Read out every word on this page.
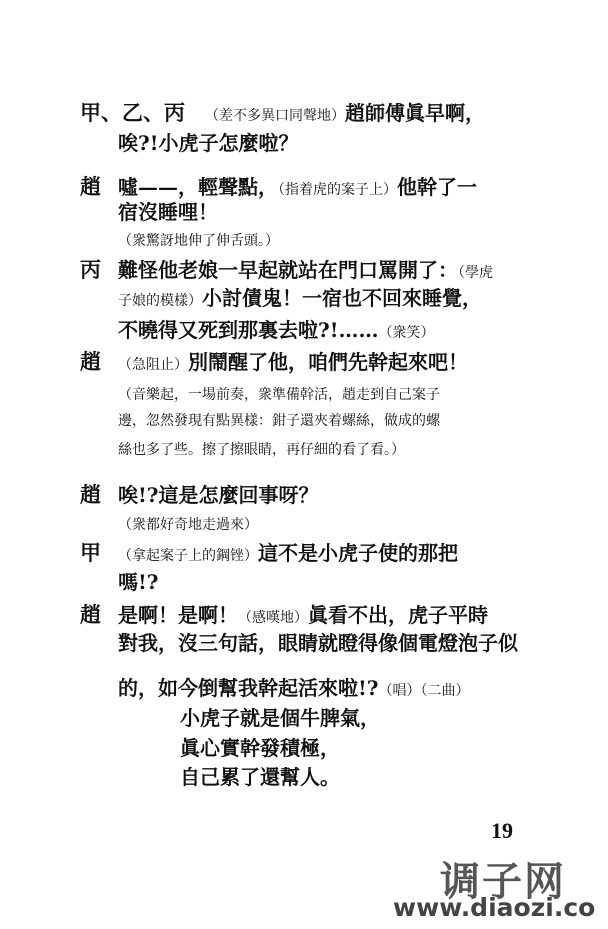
甲、乙、丙 （差不多異口同聲地）趙師傅眞早啊，
唉?!小虎子怎麼啦？
趙 噓——，輕聲點，（指着虎的案子上）他幹了一
宿沒睡哩！
（衆驚訝地伸了伸舌頭。）
丙 難怪他老娘一早起就站在門口罵開了：（學虎
子娘的模樣）小討債鬼！一宿也不回來睡覺，
不曉得又死到那裏去啦?!……（衆笑）
趙 （急阻止）別鬧醒了他，咱們先幹起來吧！
（音樂起，一場前奏，衆準備幹活，趙走到自己案子
邊，忽然發現有點異樣：鉗子還夾着螺絲，做成的螺
絲也多了些。擦了擦眼睛，再仔細的看了看。）
趙 唉!?這是怎麼回事呀？
（衆都好奇地走過來）
甲 （拿起案子上的鋼锉）這不是小虎子使的那把
嗎!?
趙 是啊！是啊！（感嘆地）眞看不出，虎子平時
對我，沒三句話，眼睛就瞪得像個電燈泡子似
的，如今倒幫我幹起活來啦!?（唱）（二曲）
小虎子就是個牛脾氣，
眞心實幹發積極，
自己累了還幫人。
19
调子网
www.diaozi.co
